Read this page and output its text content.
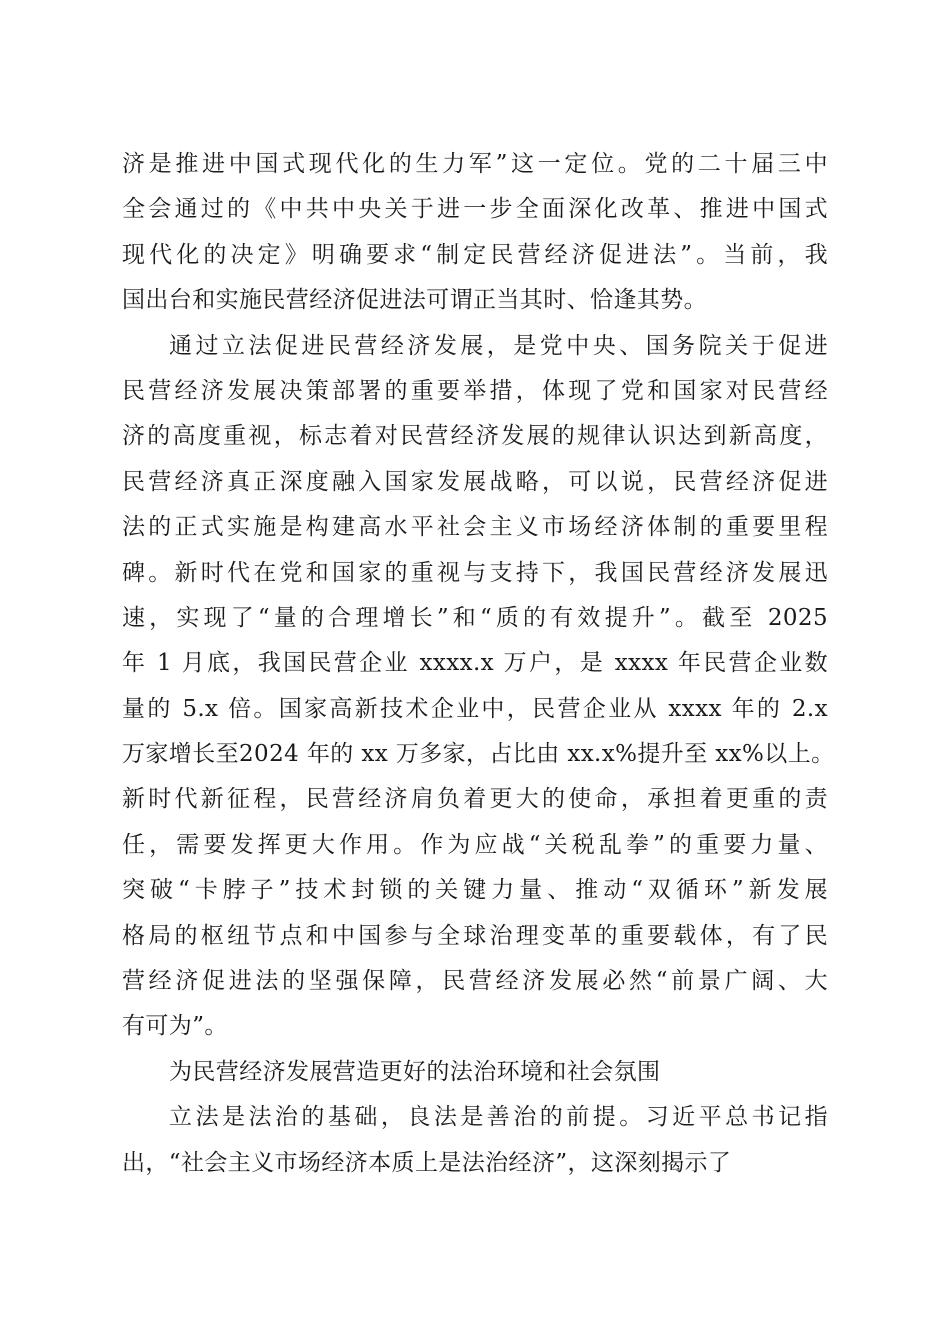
济是推进中国式现代化的生力军”这一定位。党的二十届三中
全会通过的《中共中央关于进一步全面深化改革、推进中国式
现代化的决定》明确要求“制定民营经济促进法”。当前，我
国出台和实施民营经济促进法可谓正当其时、恰逢其势。
通过立法促进民营经济发展，是党中央、国务院关于促进
民营经济发展决策部署的重要举措，体现了党和国家对民营经
济的高度重视，标志着对民营经济发展的规律认识达到新高度，
民营经济真正深度融入国家发展战略，可以说，民营经济促进
法的正式实施是构建高水平社会主义市场经济体制的重要里程
碑。新时代在党和国家的重视与支持下，我国民营经济发展迅
速，实现了“量的合理增长”和“质的有效提升”。截至 2025
年 1 月底，我国民营企业 xxxx.x 万户，是 xxxx 年民营企业数
量的 5.x 倍。国家高新技术企业中，民营企业从 xxxx 年的 2.x
万家增长至2024 年的 xx 万多家，占比由 xx.x%提升至 xx%以上。
新时代新征程，民营经济肩负着更大的使命，承担着更重的责
任，需要发挥更大作用。作为应战“关税乱拳”的重要力量、
突破“卡脖子”技术封锁的关键力量、推动“双循环”新发展
格局的枢纽节点和中国参与全球治理变革的重要载体，有了民
营经济促进法的坚强保障，民营经济发展必然“前景广阔、大
有可为”。
为民营经济发展营造更好的法治环境和社会氛围
立法是法治的基础，良法是善治的前提。习近平总书记指
出，“社会主义市场经济本质上是法治经济”，这深刻揭示了
